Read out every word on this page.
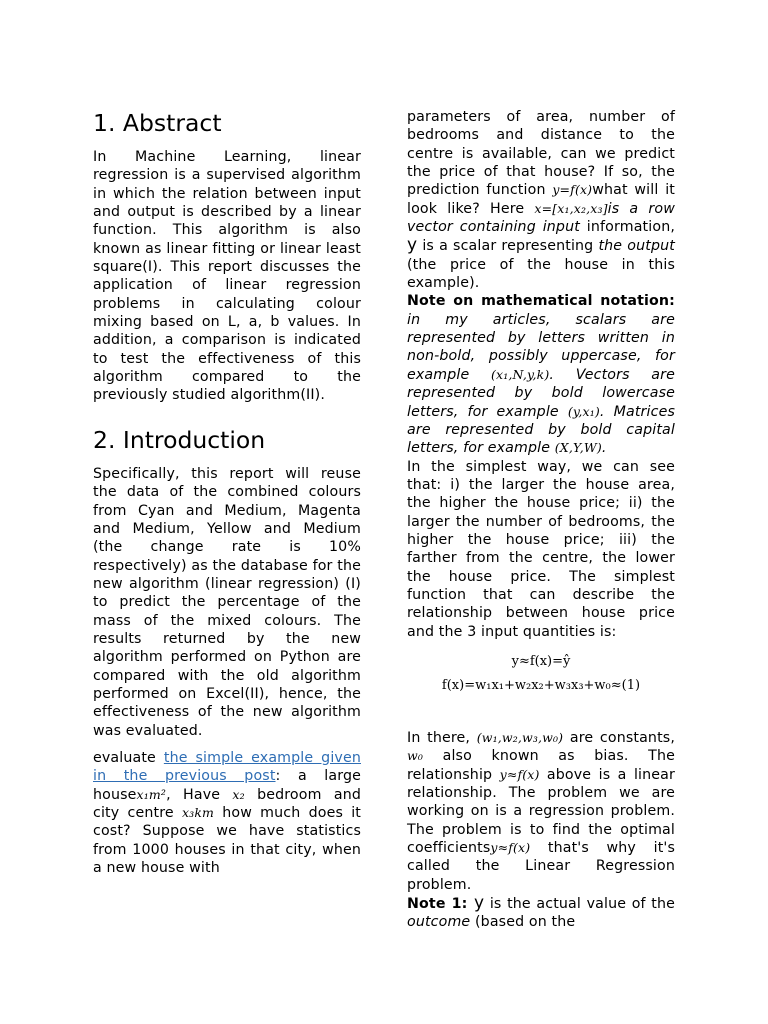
1. Abstract

In Machine Learning, linear regression is a supervised algorithm in which the relation between input and output is described by a linear function. This algorithm is also known as linear fitting or linear least square(I). This report discusses the application of linear regression problems in calculating colour mixing based on L, a, b values. In addition, a comparison is indicated to test the effectiveness of this algorithm compared to the previously studied algorithm(II).

2. Introduction

Specifically, this report will reuse the data of the combined colours from Cyan and Medium, Magenta and Medium, Yellow and Medium (the change rate is 10% respectively) as the database for the new algorithm (linear regression) (I) to predict the percentage of the mass of the mixed colours. The results returned by the new algorithm performed on Python are compared with the old algorithm performed on Excel(II), hence, the effectiveness of the new algorithm was evaluated.

evaluate the simple example given in the previous post: a large housex₁m², Have x₂ bedroom and city centre x₃km how much does it cost? Suppose we have statistics from 1000 houses in that city, when a new house with

parameters of area, number of bedrooms and distance to the centre is available, can we predict the price of that house? If so, the prediction function y=f(x)what will it look like? Here x=[x₁,x₂,x₃]is a row vector containing input information, y is a scalar representing the output (the price of the house in this example).

Note on mathematical notation: in my articles, scalars are represented by letters written in non-bold, possibly uppercase, for example (x₁,N,y,k). Vectors are represented by bold lowercase letters, for example (y,x₁). Matrices are represented by bold capital letters, for example (X,Y,W).

In the simplest way, we can see that: i) the larger the house area, the higher the house price; ii) the larger the number of bedrooms, the higher the house price; iii) the farther from the centre, the lower the house price. The simplest function that can describe the relationship between house price and the 3 input quantities is:

y≈f(x)=ŷ
f(x)=w₁x₁+w₂x₂+w₃x₃+w₀≈(1)

In there, (w₁,w₂,w₃,w₀) are constants, w₀ also known as bias. The relationship y≈f(x) above is a linear relationship. The problem we are working on is a regression problem. The problem is to find the optimal coefficientsy≈f(x) that's why it's called the Linear Regression problem.

Note 1: y is the actual value of the outcome (based on the
